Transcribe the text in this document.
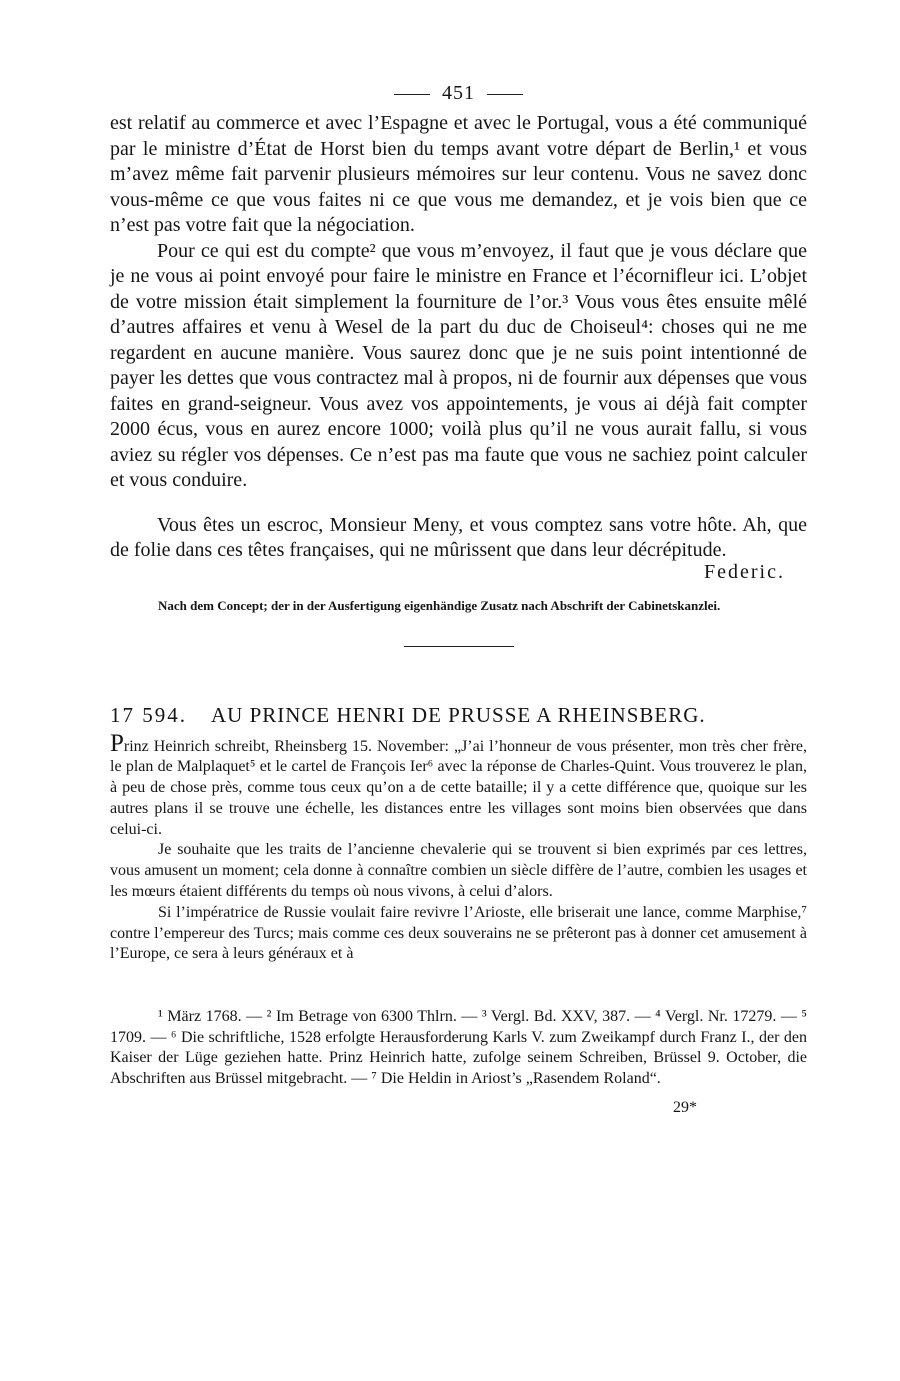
451

est relatif au commerce et avec l’Espagne et avec le Portugal, vous a été communiqué par le ministre d’État de Horst bien du temps avant votre départ de Berlin,¹ et vous m’avez même fait parvenir plusieurs mémoires sur leur contenu. Vous ne savez donc vous-même ce que vous faites ni ce que vous me demandez, et je vois bien que ce n’est pas votre fait que la négociation.

Pour ce qui est du compte² que vous m’envoyez, il faut que je vous déclare que je ne vous ai point envoyé pour faire le ministre en France et l’écornifleur ici. L’objet de votre mission était simplement la fourniture de l’or.³ Vous vous êtes ensuite mêlé d’autres affaires et venu à Wesel de la part du duc de Choiseul⁴: choses qui ne me regardent en aucune manière. Vous saurez donc que je ne suis point intentionné de payer les dettes que vous contractez mal à propos, ni de fournir aux dépenses que vous faites en grand-seigneur. Vous avez vos appointements, je vous ai déjà fait compter 2000 écus, vous en aurez encore 1000; voilà plus qu’il ne vous aurait fallu, si vous aviez su régler vos dépenses. Ce n’est pas ma faute que vous ne sachiez point calculer et vous conduire.

Vous êtes un escroc, Monsieur Meny, et vous comptez sans votre hôte. Ah, que de folie dans ces têtes françaises, qui ne mûrissent que dans leur décrépitude.

Federic.
Nach dem Concept; der in der Ausfertigung eigenhändige Zusatz nach Abschrift der Cabinetskanzlei.
17 594. AU PRINCE HENRI DE PRUSSE A RHEINSBERG.

Prinz Heinrich schreibt, Rheinsberg 15. November: „J’ai l’honneur de vous présenter, mon très cher frère, le plan de Malplaquet⁵ et le cartel de François Ier⁶ avec la réponse de Charles-Quint. Vous trouverez le plan, à peu de chose près, comme tous ceux qu’on a de cette bataille; il y a cette différence que, quoique sur les autres plans il se trouve une échelle, les distances entre les villages sont moins bien observées que dans celui-ci.

Je souhaite que les traits de l’ancienne chevalerie qui se trouvent si bien exprimés par ces lettres, vous amusent un moment; cela donne à connaître combien un siècle diffère de l’autre, combien les usages et les mœurs étaient différents du temps où nous vivons, à celui d’alors.

Si l’impératrice de Russie voulait faire revivre l’Arioste, elle briserait une lance, comme Marphise,⁷ contre l’empereur des Turcs; mais comme ces deux souverains ne se prêteront pas à donner cet amusement à l’Europe, ce sera à leurs généraux et à

¹ März 1768. — ² Im Betrage von 6300 Thlrn. — ³ Vergl. Bd. XXV, 387. — ⁴ Vergl. Nr. 17279. — ⁵ 1709. — ⁶ Die schriftliche, 1528 erfolgte Herausforderung Karls V. zum Zweikampf durch Franz I., der den Kaiser der Lüge geziehen hatte. Prinz Heinrich hatte, zufolge seinem Schreiben, Brüssel 9. October, die Abschriften aus Brüssel mitgebracht. — ⁷ Die Heldin in Ariost’s „Rasendem Roland“.
29*
